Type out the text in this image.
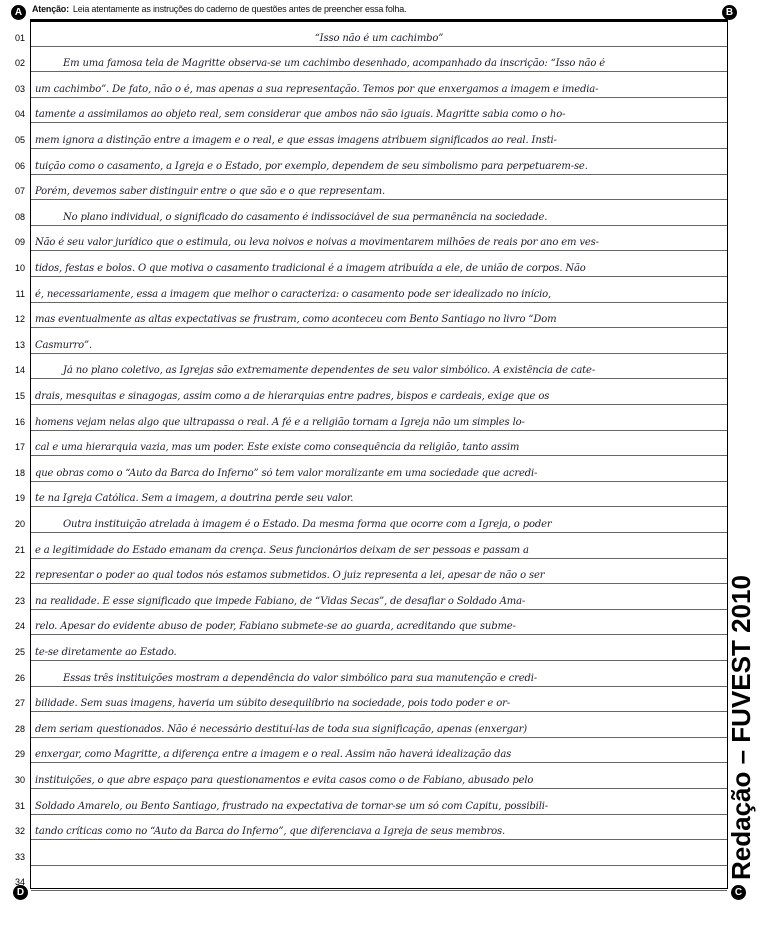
A	B
D	C
Atenção: Leia atentamente as instruções do caderno de questões antes de preencher essa folha.
01	“Isso não é um cachimbo”
02	Em uma famosa tela de Magritte observa-se um cachimbo desenhado, acompanhado da inscrição: “Isso não é
03 um cachimbo”. De fato, não o é, mas apenas a sua representação. Temos por que enxergamos a imagem e imedia-
04 tamente a assimilamos ao objeto real, sem considerar que ambos não são iguais. Magritte sabia como o ho-
05 mem ignora a distinção entre a imagem e o real, e que essas imagens atribuem significados ao real. Insti-
06 tuição como o casamento, a Igreja e o Estado, por exemplo, dependem de seu simbolismo para perpetuarem-se.
07 Porém, devemos saber distinguir entre o que são e o que representam.
08	No plano individual, o significado do casamento é indissociável de sua permanência na sociedade.
09 Não é seu valor jurídico que o estimula, ou leva noivos e noivas a movimentarem milhões de reais por ano em ves-
10 tidos, festas e bolos. O que motiva o casamento tradicional é a imagem atribuída a ele, de união de corpos. Não
11 é, necessariamente, essa a imagem que melhor o caracteriza: o casamento pode ser idealizado no início,
12 mas eventualmente as altas expectativas se frustram, como aconteceu com Bento Santiago no livro “Dom
13 Casmurro”.
14	Já no plano coletivo, as Igrejas são extremamente dependentes de seu valor simbólico. A existência de cate-
15 drais, mesquitas e sinagogas, assim como a de hierarquias entre padres, bispos e cardeais, exige que os
16 homens vejam nelas algo que ultrapassa o real. A fé e a religião tornam a Igreja não um simples lo-
17 cal e uma hierarquia vazia, mas um poder. Este existe como consequência da religião, tanto assim
18 que obras como o “Auto da Barca do Inferno” só tem valor moralizante em uma sociedade que acredi-
19 te na Igreja Católica. Sem a imagem, a doutrina perde seu valor.
20	Outra instituição atrelada à imagem é o Estado. Da mesma forma que ocorre com a Igreja, o poder
21 e a legitimidade do Estado emanam da crença. Seus funcionários deixam de ser pessoas e passam a
22 representar o poder ao qual todos nós estamos submetidos. O juiz representa a lei, apesar de não o ser
23 na realidade. É esse significado que impede Fabiano, de “Vidas Secas”, de desafiar o Soldado Ama-
24 relo. Apesar do evidente abuso de poder, Fabiano submete-se ao guarda, acreditando que subme-
25 te-se diretamente ao Estado.
26	Essas três instituições mostram a dependência do valor simbólico para sua manutenção e credi-
27 bilidade. Sem suas imagens, haveria um súbito desequilíbrio na sociedade, pois todo poder e or-
28 dem seriam questionados. Não é necessário destituí-las de toda sua significação, apenas (enxergar)
29 enxergar, como Magritte, a diferença entre a imagem e o real. Assim não haverá idealização das
30 instituições, o que abre espaço para questionamentos e evita casos como o de Fabiano, abusado pelo
31 Soldado Amarelo, ou Bento Santiago, frustrado na expectativa de tornar-se um só com Capitu, possibili-
32 tando críticas como no “Auto da Barca do Inferno”, que diferenciava a Igreja de seus membros.
33
34
Redação – FUVEST 2010
